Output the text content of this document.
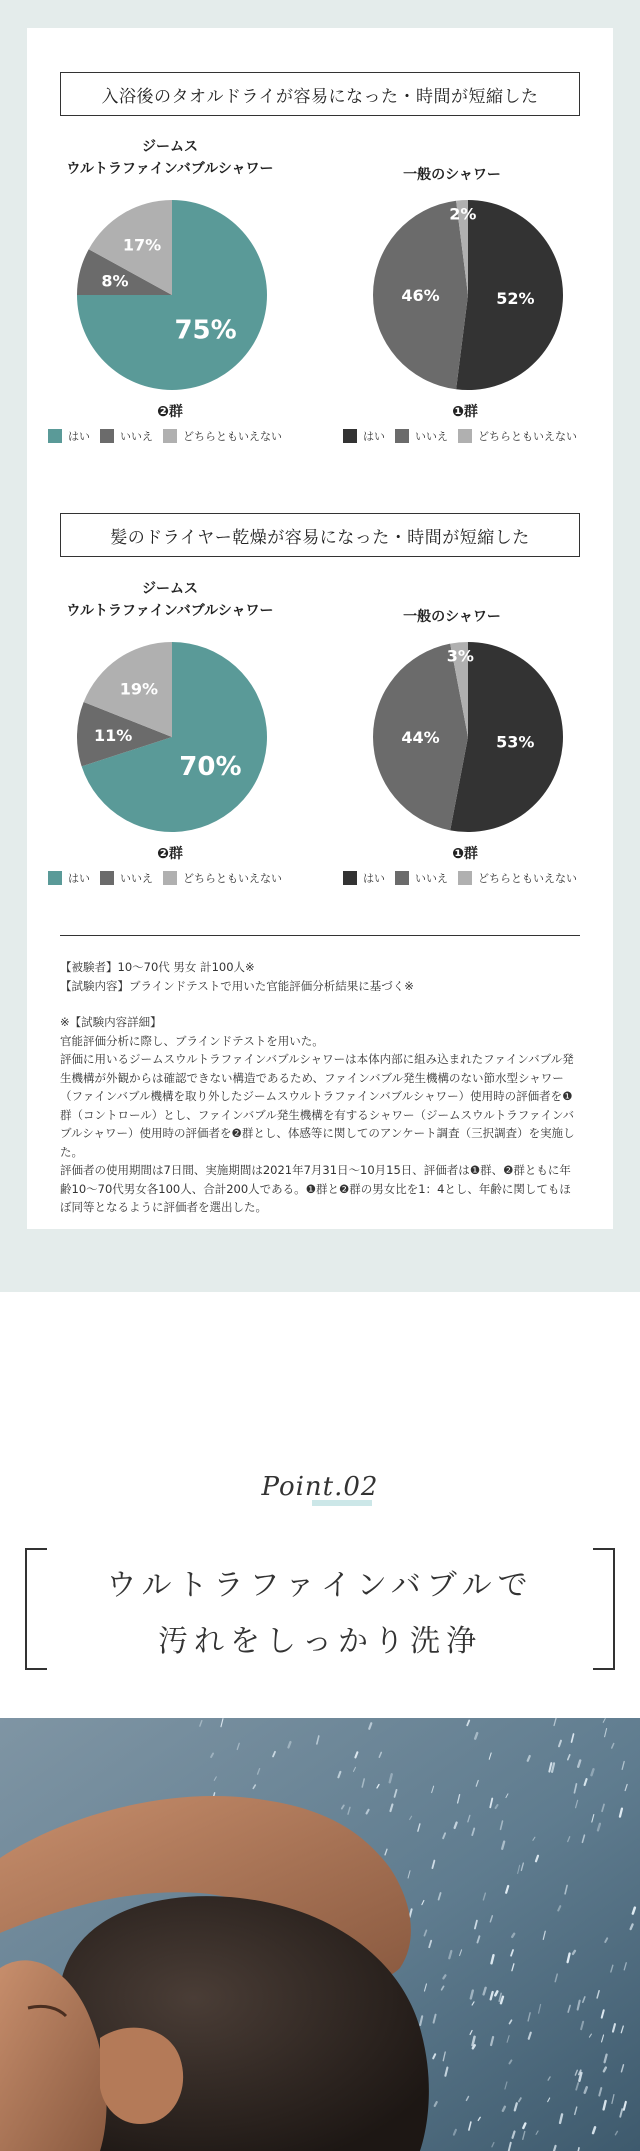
入浴後のタオルドライが容易になった・時間が短縮した
ジームス
ウルトラファインバブルシャワー	一般のシャワー
75%
8%
17%
52%
46%
2%
❷群	❶群
はい	いいえ	どちらともいえない	はい	いいえ	どちらともいえない
髪のドライヤー乾燥が容易になった・時間が短縮した
ジームス
ウルトラファインバブルシャワー	一般のシャワー
70%
11%
19%
53%
44%
3%
❷群	❶群
はい	いいえ	どちらともいえない	はい	いいえ	どちらともいえない

【被験者】10〜70代 男女 計100人※

【試験内容】ブラインドテストで用いた官能評価分析結果に基づく※

※【試験内容詳細】

官能評価分析に際し、ブラインドテストを用いた。

評価に用いるジームスウルトラファインバブルシャワーは本体内部に組み込まれたファインバブル発生機構が外観からは確認できない構造であるため、ファインバブル発生機構のない節水型シャワー（ファインバブル機構を取り外したジームスウルトラファインバブルシャワー）使用時の評価者を❶群（コントロール）とし、ファインバブル発生機構を有するシャワー（ジームスウルトラファインバブルシャワー）使用時の評価者を❷群とし、体感等に関してのアンケート調査（三択調査）を実施した。

評価者の使用期間は7日間、実施期間は2021年7月31日〜10月15日、評価者は❶群、❷群ともに年齢10〜70代男女各100人、合計200人である。❶群と❷群の男女比を1：4とし、年齢に関してもほぼ同等となるように評価者を選出した。

Point.02
ウルトラファインバブルで
汚れをしっかり洗浄
